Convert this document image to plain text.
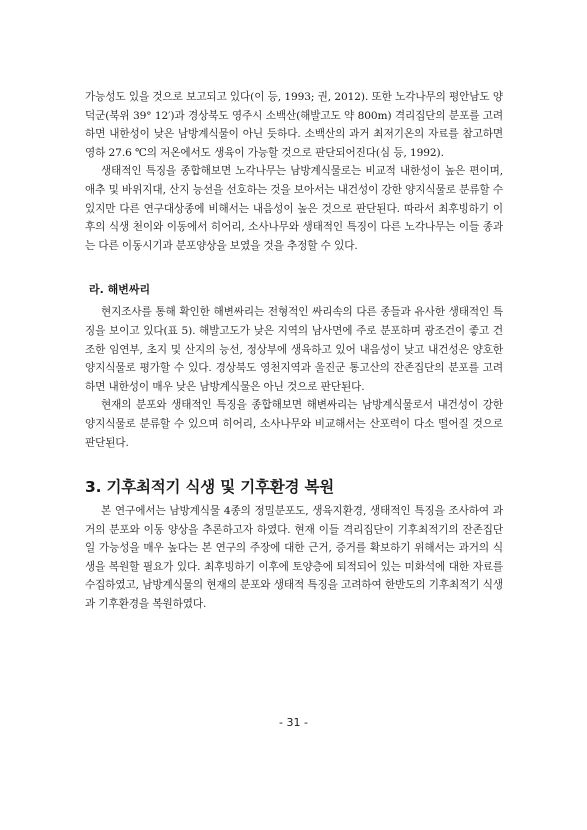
가능성도 있을 것으로 보고되고 있다(이 등, 1993; 권, 2012). 또한 노각나무의 평안남도 양덕군(북위 39° 12′)과 경상북도 영주시 소백산(해발고도 약 800m) 격리집단의 분포를 고려하면 내한성이 낮은 남방계식물이 아닌 듯하다. 소백산의 과거 최저기온의 자료를 참고하면 영하 27.6 ℃의 저온에서도 생육이 가능할 것으로 판단되어진다(심 등, 1992).

생태적인 특징을 종합해보면 노각나무는 남방계식물로는 비교적 내한성이 높은 편이며, 애추 및 바위지대, 산지 능선을 선호하는 것을 보아서는 내건성이 강한 양지식물로 분류할 수 있지만 다른 연구대상종에 비해서는 내음성이 높은 것으로 판단된다. 따라서 최후빙하기 이후의 식생 천이와 이동에서 히어리, 소사나무와 생태적인 특징이 다른 노각나무는 이들 종과는 다른 이동시기과 분포양상을 보였을 것을 추정할 수 있다.

라. 해변싸리

현지조사를 통해 확인한 해변싸리는 전형적인 싸리속의 다른 종들과 유사한 생태적인 특징을 보이고 있다(표 5). 해발고도가 낮은 지역의 남사면에 주로 분포하며 광조건이 좋고 건조한 임연부, 초지 및 산지의 능선, 정상부에 생육하고 있어 내음성이 낮고 내건성은 양호한 양지식물로 평가할 수 있다. 경상북도 영천지역과 울진군 통고산의 잔존집단의 분포를 고려하면 내한성이 매우 낮은 남방계식물은 아닌 것으로 판단된다.

현재의 분포와 생태적인 특징을 종합해보면 해변싸리는 남방계식물로서 내건성이 강한 양지식물로 분류할 수 있으며 히어리, 소사나무와 비교해서는 산포력이 다소 떨어질 것으로 판단된다.

3. 기후최적기 식생 및 기후환경 복원

본 연구에서는 남방계식물 4종의 정밀분포도, 생육지환경, 생태적인 특징을 조사하여 과거의 분포와 이동 양상을 추론하고자 하였다. 현재 이들 격리집단이 기후최적기의 잔존집단일 가능성을 매우 높다는 본 연구의 주장에 대한 근거, 증거를 확보하기 위해서는 과거의 식생을 복원할 필요가 있다. 최후빙하기 이후에 토양층에 퇴적되어 있는 미화석에 대한 자료를 수집하였고, 남방계식물의 현재의 분포와 생태적 특징을 고려하여 한반도의 기후최적기 식생과 기후환경을 복원하였다.

- 31 -
